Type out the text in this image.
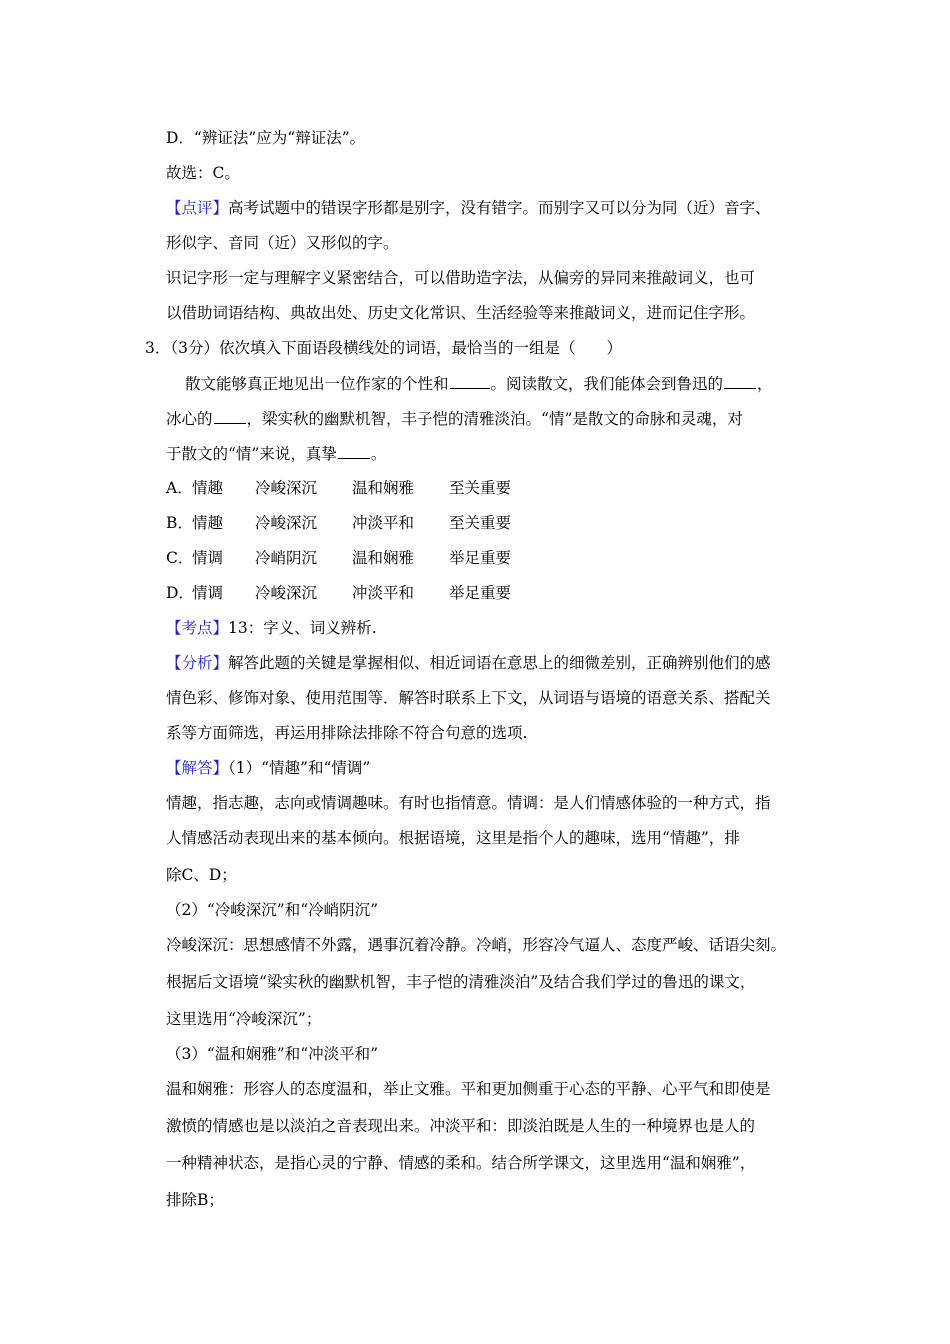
D．“辨证法”应为“辩证法”。
故选：C。
【点评】高考试题中的错误字形都是别字，没有错字。而别字又可以分为同（近）音字、
形似字、音同（近）又形似的字。
识记字形一定与理解字义紧密结合，可以借助造字法，从偏旁的异同来推敲词义，也可
以借助词语结构、典故出处、历史文化常识、生活经验等来推敲词义，进而记住字形。
3．（3分）依次填入下面语段横线处的词语，最恰当的一组是（　　）
散文能够真正地见出一位作家的个性和	。阅读散文，我们能体会到鲁迅的 ，
冰心的 ，梁实秋的幽默机智，丰子恺的清雅淡泊。“情”是散文的命脉和灵魂，对
于散文的“情”来说，真挚 。
A．情趣 冷峻深沉 温和娴雅 至关重要
B．情趣 冷峻深沉 冲淡平和 至关重要
C．情调 冷峭阴沉 温和娴雅 举足重要
D．情调 冷峻深沉 冲淡平和 举足重要
【考点】13：字义、词义辨析.
【分析】解答此题的关键是掌握相似、相近词语在意思上的细微差别，正确辨别他们的感
情色彩、修饰对象、使用范围等．解答时联系上下文，从词语与语境的语意关系、搭配关
系等方面筛选，再运用排除法排除不符合句意的选项.
【解答】（1）“情趣”和“情调”
情趣，指志趣，志向或情调趣味。有时也指情意。情调：是人们情感体验的一种方式，指
人情感活动表现出来的基本倾向。根据语境，这里是指个人的趣味，选用“情趣”，排
除C、D；
（2）“冷峻深沉”和“冷峭阴沉”
冷峻深沉：思想感情不外露，遇事沉着冷静。冷峭，形容冷气逼人、态度严峻、话语尖刻。
根据后文语境“梁实秋的幽默机智，丰子恺的清雅淡泊”及结合我们学过的鲁迅的课文，
这里选用“冷峻深沉”；
（3）“温和娴雅”和“冲淡平和”
温和娴雅：形容人的态度温和，举止文雅。平和更加侧重于心态的平静、心平气和即使是
激愤的情感也是以淡泊之音表现出来。冲淡平和：即淡泊既是人生的一种境界也是人的
一种精神状态，是指心灵的宁静、情感的柔和。结合所学课文，这里选用“温和娴雅”，
排除B；
